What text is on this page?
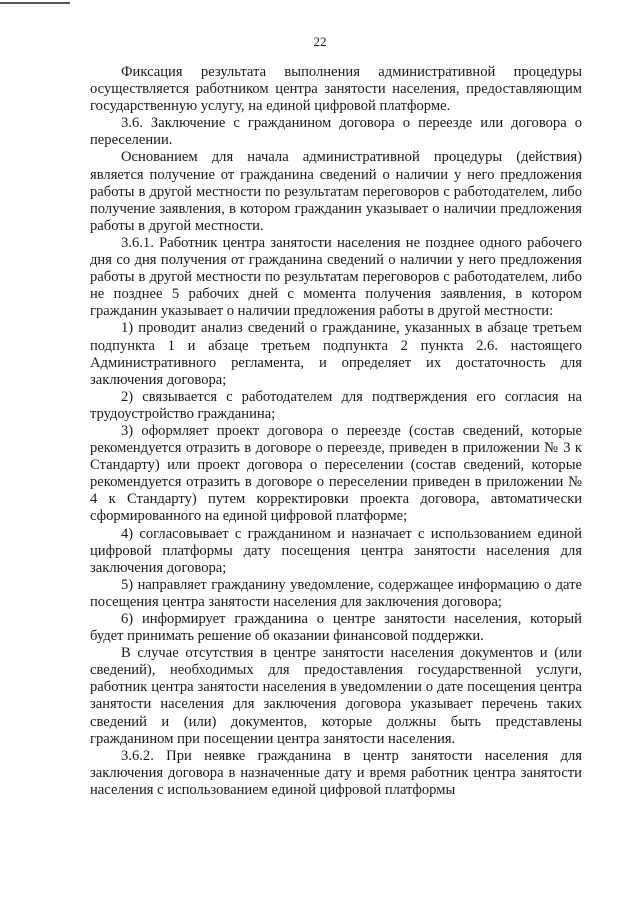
22

Фиксация результата выполнения административной процедуры осуществляется работником центра занятости населения, предоставляющим государственную услугу, на единой цифровой платформе.

3.6. Заключение с гражданином договора о переезде или договора о переселении.

Основанием для начала административной процедуры (действия) является получение от гражданина сведений о наличии у него предложения работы в другой местности по результатам переговоров с работодателем, либо получение заявления, в котором гражданин указывает о наличии предложения работы в другой местности.

3.6.1. Работник центра занятости населения не позднее одного рабочего дня со дня получения от гражданина сведений о наличии у него предложения работы в другой местности по результатам переговоров с работодателем, либо не позднее 5 рабочих дней с момента получения заявления, в котором гражданин указывает о наличии предложения работы в другой местности:

1) проводит анализ сведений о гражданине, указанных в абзаце третьем подпункта 1 и абзаце третьем подпункта 2 пункта 2.6. настоящего Административного регламента, и определяет их достаточность для заключения договора;

2) связывается с работодателем для подтверждения его согласия на трудоустройство гражданина;

3) оформляет проект договора о переезде (состав сведений, которые рекомендуется отразить в договоре о переезде, приведен в приложении № 3 к Стандарту) или проект договора о переселении (состав сведений, которые рекомендуется отразить в договоре о переселении приведен в приложении № 4 к Стандарту) путем корректировки проекта договора, автоматически сформированного на единой цифровой платформе;

4) согласовывает с гражданином и назначает с использованием единой цифровой платформы дату посещения центра занятости населения для заключения договора;

5) направляет гражданину уведомление, содержащее информацию о дате посещения центра занятости населения для заключения договора;

6) информирует гражданина о центре занятости населения, который будет принимать решение об оказании финансовой поддержки.

В случае отсутствия в центре занятости населения документов и (или сведений), необходимых для предоставления государственной услуги, работник центра занятости населения в уведомлении о дате посещения центра занятости населения для заключения договора указывает перечень таких сведений и (или) документов, которые должны быть представлены гражданином при посещении центра занятости населения.

3.6.2. При неявке гражданина в центр занятости населения для заключения договора в назначенные дату и время работник центра занятости населения с использованием единой цифровой платформы
